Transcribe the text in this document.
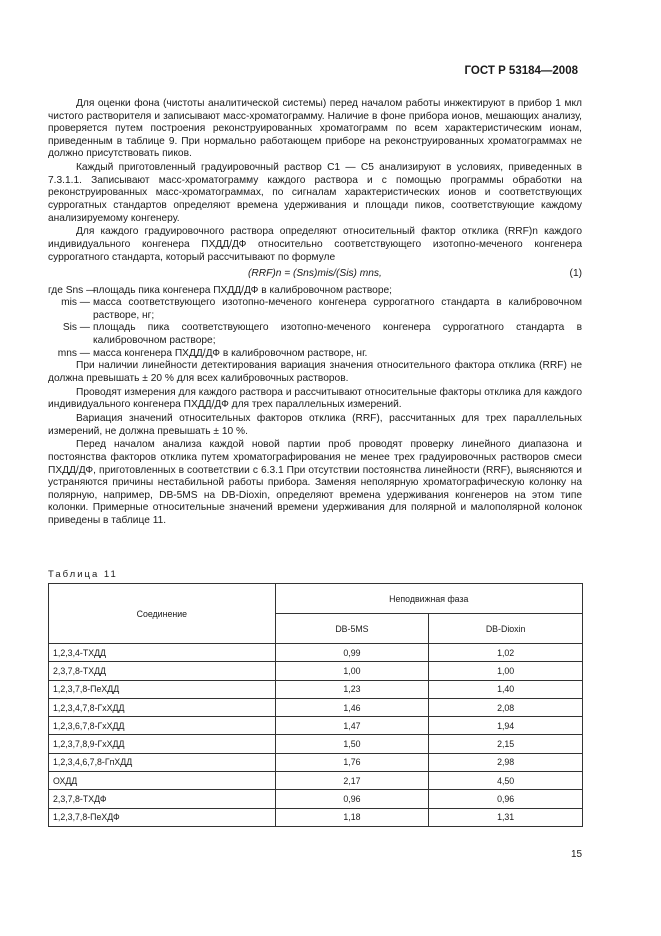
ГОСТ Р 53184—2008

Для оценки фона (чистоты аналитической системы) перед началом работы инжектируют в прибор 1 мкл чистого растворителя и записывают масс-хроматограмму. Наличие в фоне прибора ионов, мешающих анализу, проверяется путем построения реконструированных хроматограмм по всем характеристическим ионам, приведенным в таблице 9. При нормально работающем приборе на реконструированных хроматограммах не должно присутствовать пиков.

Каждый приготовленный градуировочный раствор С1 — С5 анализируют в условиях, приведенных в 7.3.1.1. Записывают масс-хроматограмму каждого раствора и с помощью программы обработки на реконструированных масс-хроматограммах, по сигналам характеристических ионов и соответствующих суррогатных стандартов определяют времена удерживания и площади пиков, соответствующие каждому анализируемому конгенеру.

Для каждого градуировочного раствора определяют относительный фактор отклика (RRF)n каждого индивидуального конгенера ПХДД/ДФ относительно соответствующего изотопно-меченого конгенера суррогатного стандарта, который рассчитывают по формуле

(RRF)n = (Sns)mis/(Sis) mns,	(1)
где Sns —
площадь пика конгенера ПХДД/ДФ в калибровочном растворе;
mis — масса соответствующего изотопно-меченого конгенера суррогатного стандарта в калибровочном растворе, нг;
Sis — площадь пика соответствующего изотопно-меченого конгенера суррогатного стандарта в калибровочном растворе;
mns — масса конгенера ПХДД/ДФ в калибровочном растворе, нг.

При наличии линейности детектирования вариация значения относительного фактора отклика (RRF) не должна превышать ± 20 % для всех калибровочных растворов.

Проводят измерения для каждого раствора и рассчитывают относительные факторы отклика для каждого индивидуального конгенера ПХДД/ДФ для трех параллельных измерений.

Вариация значений относительных факторов отклика (RRF), рассчитанных для трех параллельных измерений, не должна превышать ± 10 %.

Перед началом анализа каждой новой партии проб проводят проверку линейного диапазона и постоянства факторов отклика путем хроматографирования не менее трех градуировочных растворов смеси ПХДД/ДФ, приготовленных в соответствии с 6.3.1 При отсутствии постоянства линейности (RRF), выясняются и устраняются причины нестабильной работы прибора. Заменяя неполярную хроматографическую колонку на полярную, например, DB-5MS на DB-Dioxin, определяют времена удерживания конгенеров на этом типе колонки. Примерные относительные значений времени удерживания для полярной и малополярной колонок приведены в таблице 11.

Таблица 11
Соединение	Неподвижная фаза	
	DB-5MS	DB-Dioxin
1,2,3,4-ТХДД	0,99	1,02
2,3,7,8-ТХДД	1,00	1,00
1,2,3,7,8-ПеХДД	1,23	1,40
1,2,3,4,7,8-ГхХДД	1,46	2,08
1,2,3,6,7,8-ГхХДД	1,47	1,94
1,2,3,7,8,9-ГхХДД	1,50	2,15
1,2,3,4,6,7,8-ГпХДД	1,76	2,98
ОХДД	2,17	4,50
2,3,7,8-ТХДФ	0,96	0,96
1,2,3,7,8-ПеХДФ	1,18	1,31
15
